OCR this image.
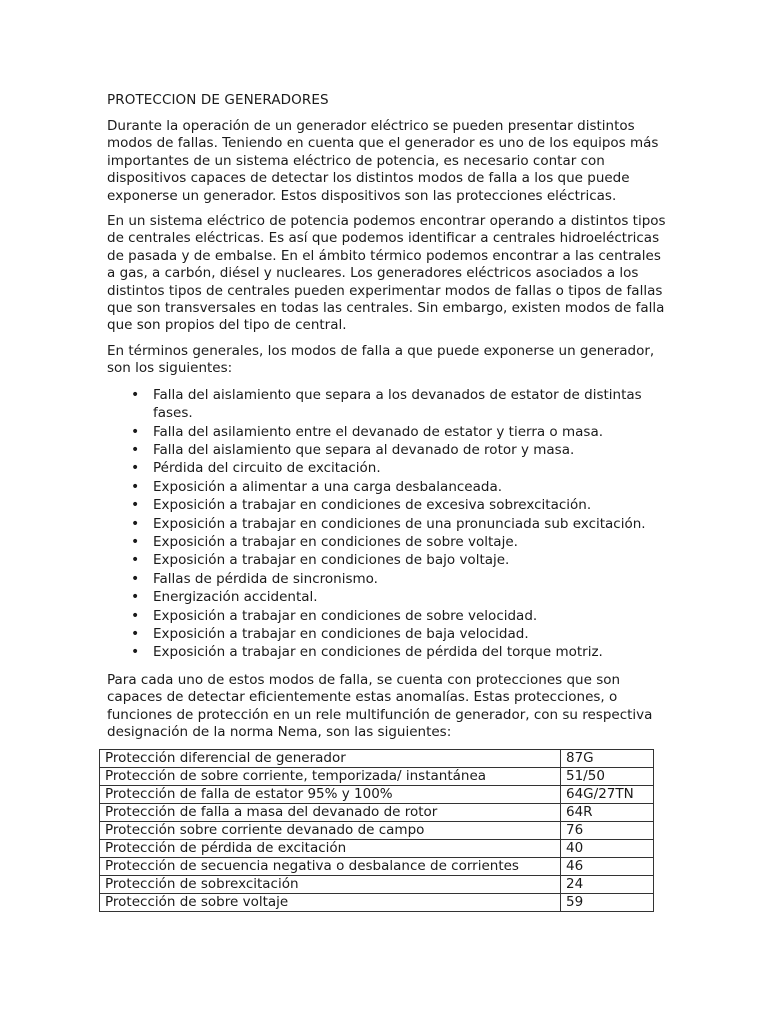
PROTECCION DE GENERADORES

Durante la operación de un generador eléctrico se pueden presentar distintos modos de fallas. Teniendo en cuenta que el generador es uno de los equipos más importantes de un sistema eléctrico de potencia, es necesario contar con dispositivos capaces de detectar los distintos modos de falla a los que puede exponerse un generador. Estos dispositivos son las protecciones eléctricas.

En un sistema eléctrico de potencia podemos encontrar operando a distintos tipos de centrales eléctricas. Es así que podemos identificar a centrales hidroeléctricas de pasada y de embalse. En el ámbito térmico podemos encontrar a las centrales a gas, a carbón, diésel y nucleares. Los generadores eléctricos asociados a los distintos tipos de centrales pueden experimentar modos de fallas o tipos de fallas que son transversales en todas las centrales. Sin embargo, existen modos de falla que son propios del tipo de central.

En términos generales, los modos de falla a que puede exponerse un generador, son los siguientes:

• Falla del aislamiento que separa a los devanados de estator de distintas fases.
• Falla del asilamiento entre el devanado de estator y tierra o masa.
• Falla del aislamiento que separa al devanado de rotor y masa.
• Pérdida del circuito de excitación.
• Exposición a alimentar a una carga desbalanceada.
• Exposición a trabajar en condiciones de excesiva sobrexcitación.
• Exposición a trabajar en condiciones de una pronunciada sub excitación.
• Exposición a trabajar en condiciones de sobre voltaje.
• Exposición a trabajar en condiciones de bajo voltaje.
• Fallas de pérdida de sincronismo.
• Energización accidental.
• Exposición a trabajar en condiciones de sobre velocidad.
• Exposición a trabajar en condiciones de baja velocidad.
• Exposición a trabajar en condiciones de pérdida del torque motriz.

Para cada uno de estos modos de falla, se cuenta con protecciones que son capaces de detectar eficientemente estas anomalías. Estas protecciones, o funciones de protección en un rele multifunción de generador, con su respectiva designación de la norma Nema, son las siguientes:

Protección diferencial de generador	87G
Protección de sobre corriente, temporizada/ instantánea	51/50
Protección de falla de estator 95% y 100%	64G/27TN
Protección de falla a masa del devanado de rotor	64R
Protección sobre corriente devanado de campo	76
Protección de pérdida de excitación	40
Protección de secuencia negativa o desbalance de corrientes	46
Protección de sobrexcitación	24
Protección de sobre voltaje	59
